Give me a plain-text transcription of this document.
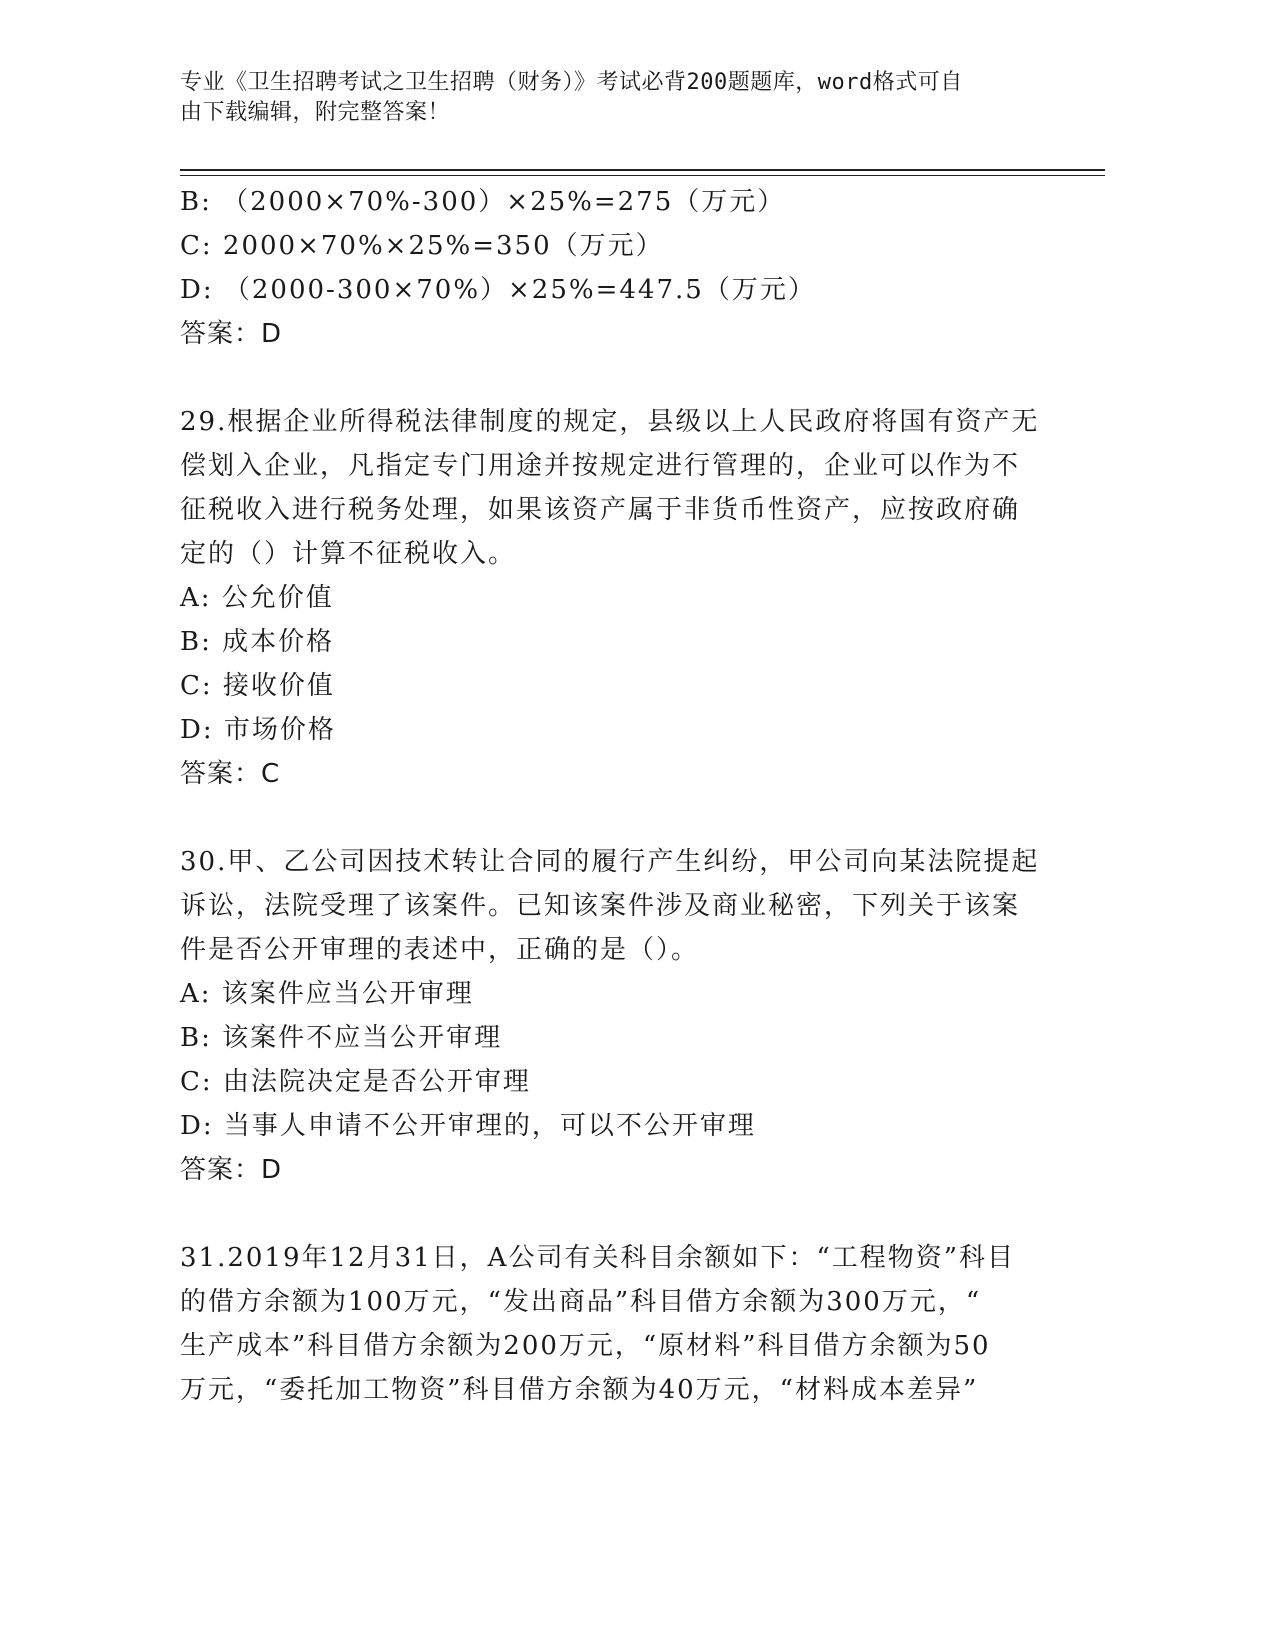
专业《卫生招聘考试之卫生招聘（财务）》考试必背200题题库，word格式可自
由下载编辑，附完整答案！
B: （2000×70%-300）×25%=275（万元）
C: 2000×70%×25%=350（万元）
D: （2000-300×70%）×25%=447.5（万元）
答案：D
29.根据企业所得税法律制度的规定，县级以上人民政府将国有资产无
偿划入企业，凡指定专门用途并按规定进行管理的，企业可以作为不
征税收入进行税务处理，如果该资产属于非货币性资产，应按政府确
定的（）计算不征税收入。
A: 公允价值
B: 成本价格
C: 接收价值
D: 市场价格
答案：C
30.甲、乙公司因技术转让合同的履行产生纠纷，甲公司向某法院提起
诉讼，法院受理了该案件。已知该案件涉及商业秘密，下列关于该案
件是否公开审理的表述中，正确的是（）。
A: 该案件应当公开审理
B: 该案件不应当公开审理
C: 由法院决定是否公开审理
D: 当事人申请不公开审理的，可以不公开审理
答案：D
31.2019年12月31日，A公司有关科目余额如下：“工程物资”科目
的借方余额为100万元，“发出商品”科目借方余额为300万元，“
生产成本”科目借方余额为200万元，“原材料”科目借方余额为50
万元，“委托加工物资”科目借方余额为40万元，“材料成本差异”
